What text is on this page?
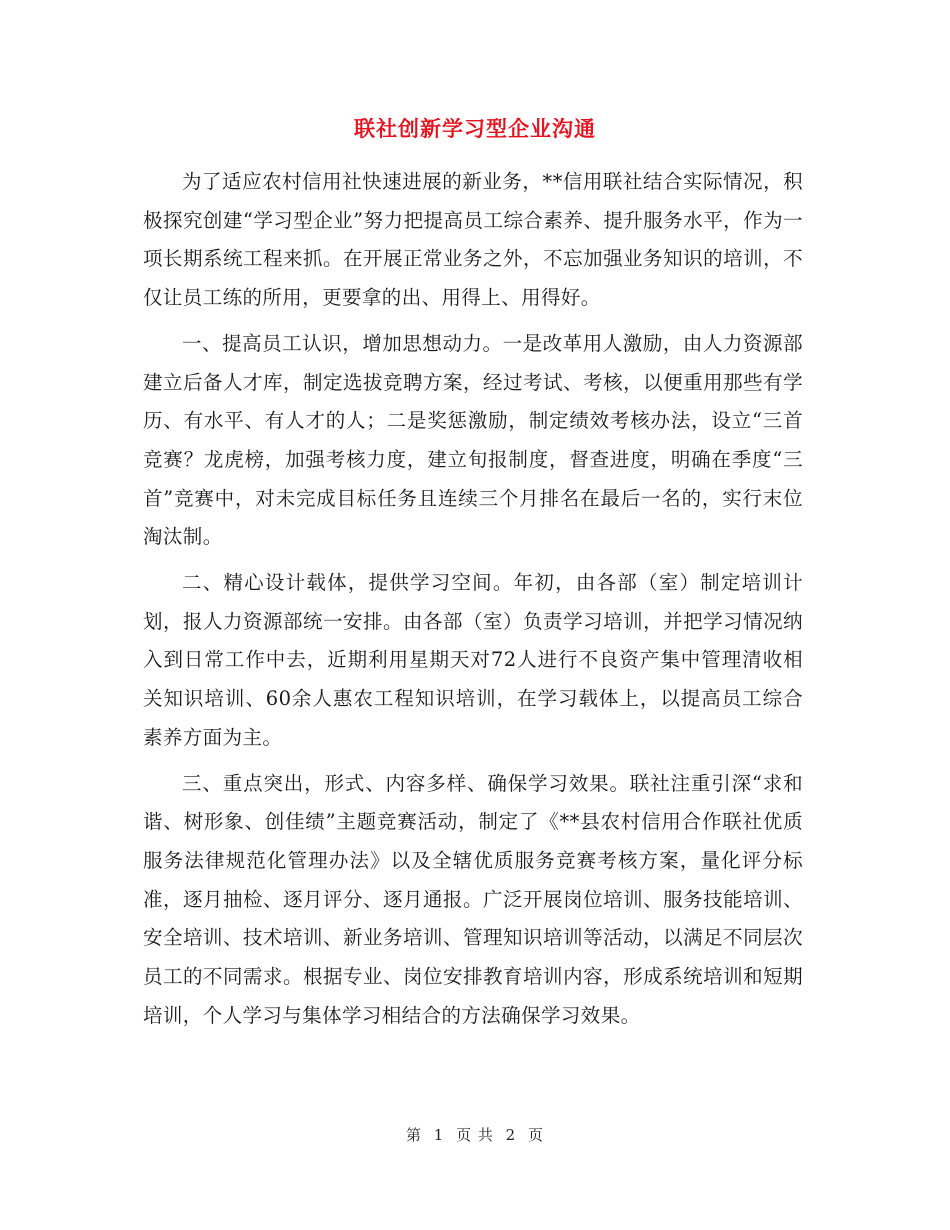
联社创新学习型企业沟通

为了适应农村信用社快速进展的新业务，**信用联社结合实际情况，积极探究创建“学习型企业”努力把提高员工综合素养、提升服务水平，作为一项长期系统工程来抓。在开展正常业务之外，不忘加强业务知识的培训，不仅让员工练的所用，更要拿的出、用得上、用得好。

一、提高员工认识，增加思想动力。一是改革用人激励，由人力资源部建立后备人才库，制定选拔竞聘方案，经过考试、考核，以便重用那些有学历、有水平、有人才的人；二是奖惩激励，制定绩效考核办法，设立“三首竞赛？龙虎榜，加强考核力度，建立旬报制度，督查进度，明确在季度“三首”竞赛中，对未完成目标任务且连续三个月排名在最后一名的，实行末位淘汰制。

二、精心设计载体，提供学习空间。年初，由各部（室）制定培训计划，报人力资源部统一安排。由各部（室）负责学习培训，并把学习情况纳入到日常工作中去，近期利用星期天对72人进行不良资产集中管理清收相关知识培训、60余人惠农工程知识培训，在学习载体上，以提高员工综合素养方面为主。

三、重点突出，形式、内容多样、确保学习效果。联社注重引深“求和谐、树形象、创佳绩”主题竞赛活动，制定了《**县农村信用合作联社优质服务法律规范化管理办法》以及全辖优质服务竞赛考核方案，量化评分标准，逐月抽检、逐月评分、逐月通报。广泛开展岗位培训、服务技能培训、安全培训、技术培训、新业务培训、管理知识培训等活动，以满足不同层次员工的不同需求。根据专业、岗位安排教育培训内容，形成系统培训和短期培训，个人学习与集体学习相结合的方法确保学习效果。

第 1 页 共 2 页
